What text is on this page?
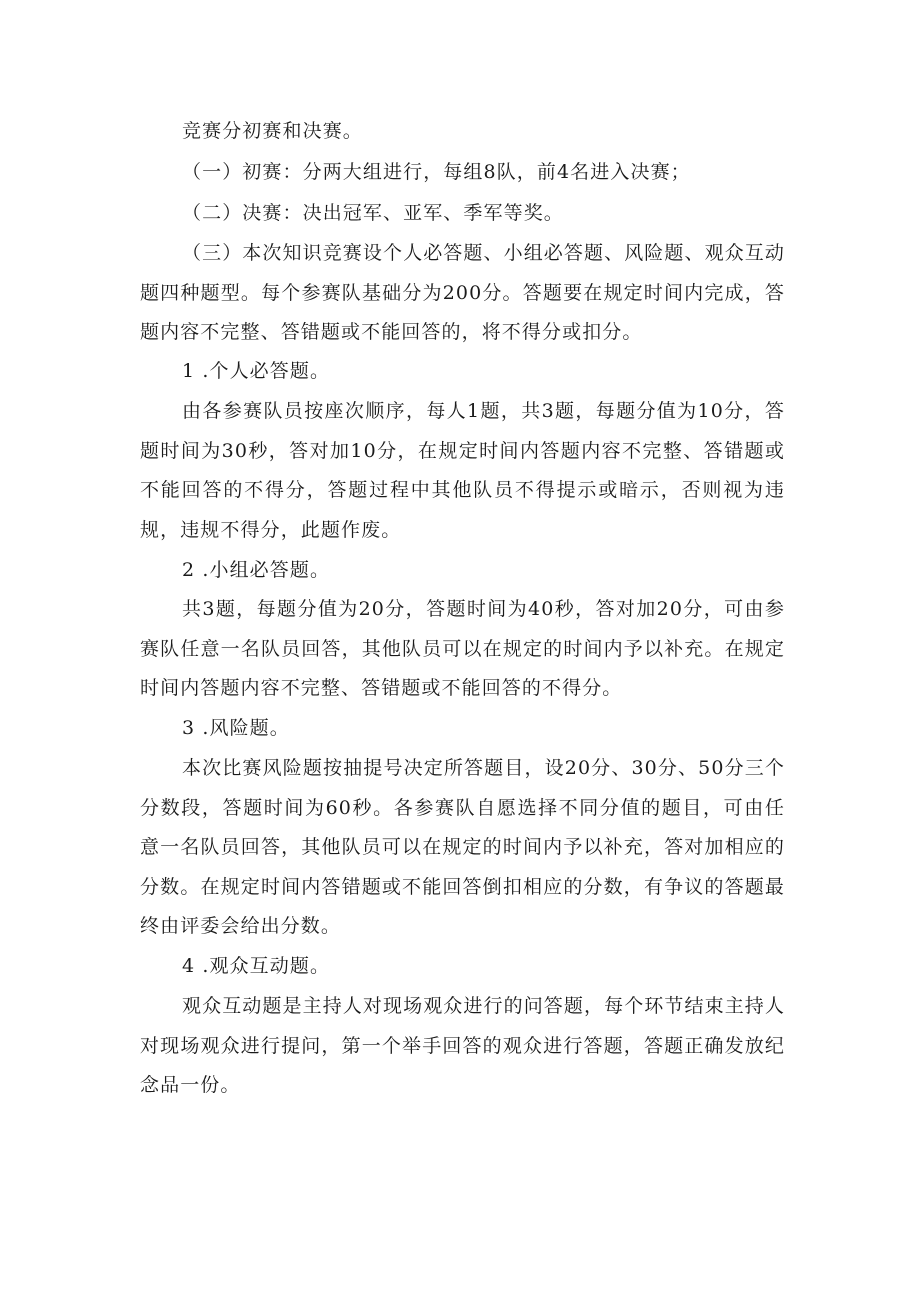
竞赛分初赛和决赛。

（一）初赛：分两大组进行，每组8队，前4名进入决赛；

（二）决赛：决出冠军、亚军、季军等奖。

（三）本次知识竞赛设个人必答题、小组必答题、风险题、观众互动题四种题型。每个参赛队基础分为200分。答题要在规定时间内完成，答题内容不完整、答错题或不能回答的，将不得分或扣分。

1 .个人必答题。

由各参赛队员按座次顺序，每人1题，共3题，每题分值为10分，答题时间为30秒，答对加10分，在规定时间内答题内容不完整、答错题或不能回答的不得分，答题过程中其他队员不得提示或暗示，否则视为违规，违规不得分，此题作废。

2 .小组必答题。

共3题，每题分值为20分，答题时间为40秒，答对加20分，可由参赛队任意一名队员回答，其他队员可以在规定的时间内予以补充。在规定时间内答题内容不完整、答错题或不能回答的不得分。

3 .风险题。

本次比赛风险题按抽提号决定所答题目，设20分、30分、50分三个分数段，答题时间为60秒。各参赛队自愿选择不同分值的题目，可由任意一名队员回答，其他队员可以在规定的时间内予以补充，答对加相应的分数。在规定时间内答错题或不能回答倒扣相应的分数，有争议的答题最终由评委会给出分数。

4 .观众互动题。

观众互动题是主持人对现场观众进行的问答题，每个环节结束主持人对现场观众进行提问，第一个举手回答的观众进行答题，答题正确发放纪念品一份。
